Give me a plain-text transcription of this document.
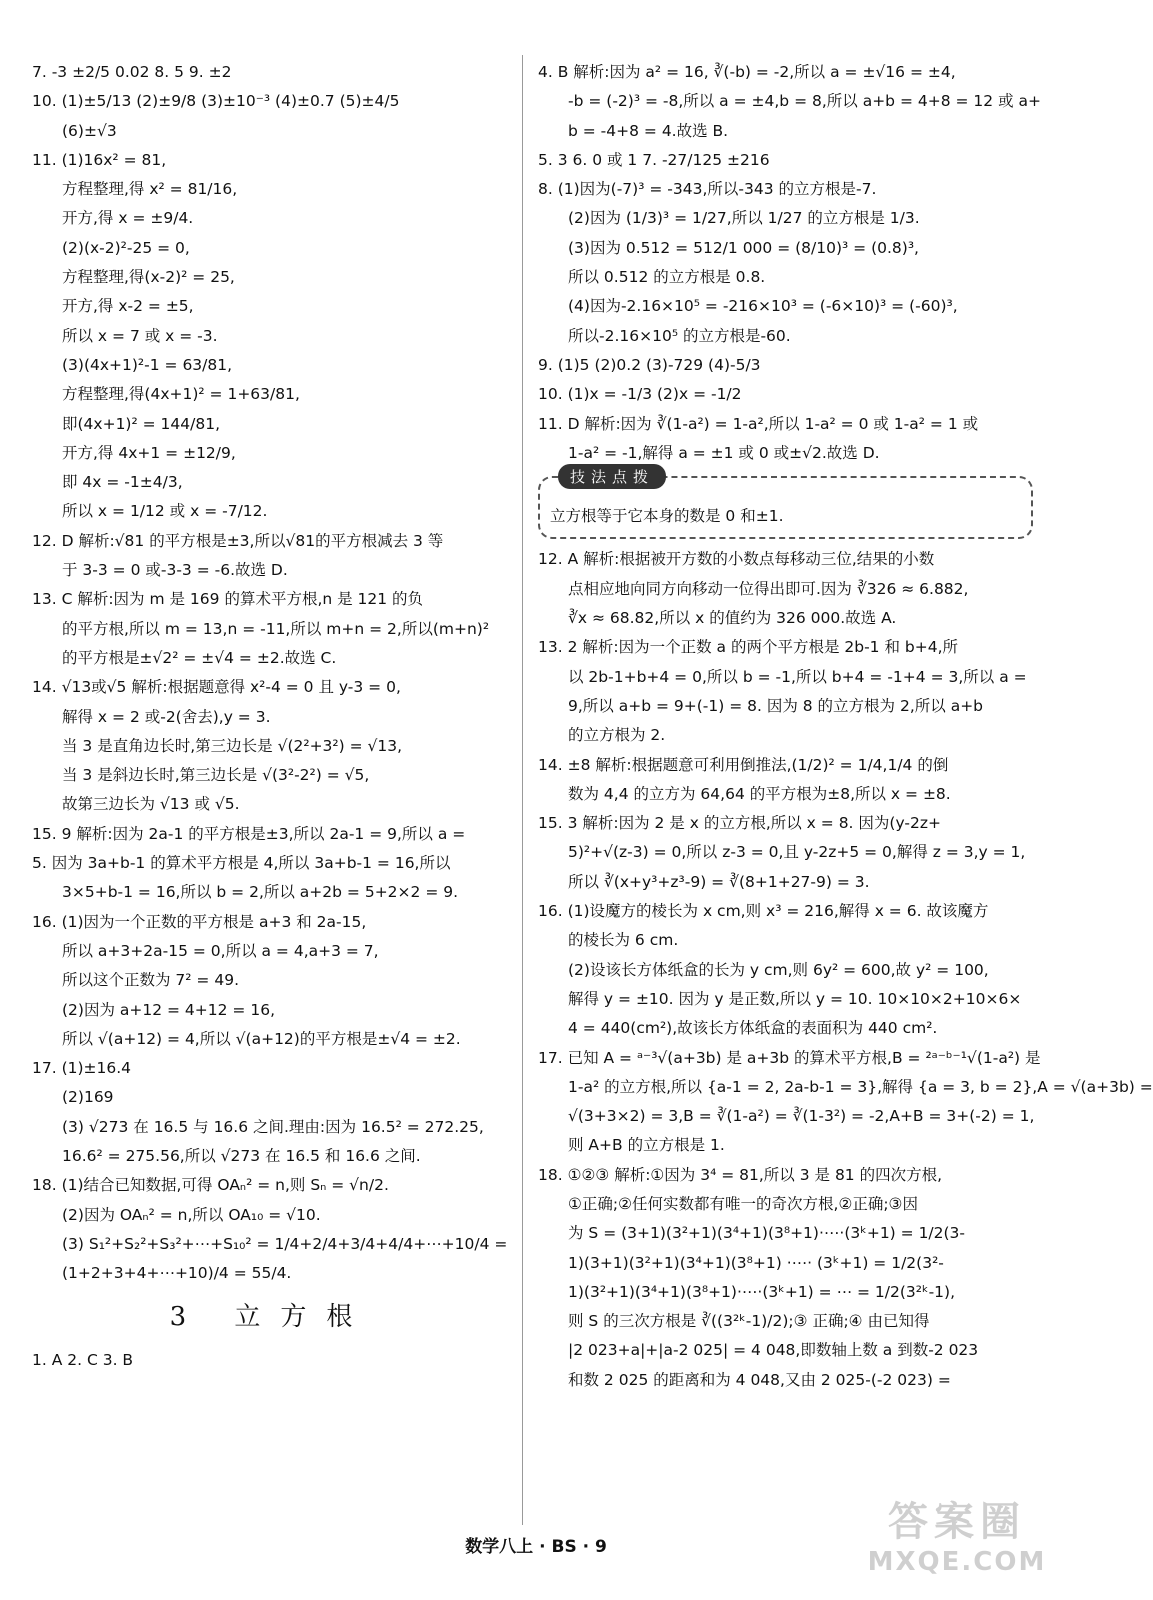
7. -3 ±2/5 0.02 8. 5 9. ±2
10. (1)±5/13 (2)±9/8 (3)±10⁻³ (4)±0.7 (5)±4/5
(6)±√3
11. (1)16x² = 81,
方程整理,得 x² = 81/16,
开方,得 x = ±9/4.
(2)(x-2)²-25 = 0,
方程整理,得(x-2)² = 25,
开方,得 x-2 = ±5,
所以 x = 7 或 x = -3.
(3)(4x+1)²-1 = 63/81,
方程整理,得(4x+1)² = 1+63/81,
即(4x+1)² = 144/81,
开方,得 4x+1 = ±12/9,
即 4x = -1±4/3,
所以 x = 1/12 或 x = -7/12.
12. D 解析:√81 的平方根是±3,所以√81的平方根减去 3 等
于 3-3 = 0 或-3-3 = -6.故选 D.
13. C 解析:因为 m 是 169 的算术平方根,n 是 121 的负
的平方根,所以 m = 13,n = -11,所以 m+n = 2,所以(m+n)²
的平方根是±√2² = ±√4 = ±2.故选 C.
14. √13或√5 解析:根据题意得 x²-4 = 0 且 y-3 = 0,
解得 x = 2 或-2(舍去),y = 3.
当 3 是直角边长时,第三边长是 √(2²+3²) = √13,
当 3 是斜边长时,第三边长是 √(3²-2²) = √5,
故第三边长为 √13 或 √5.
15. 9 解析:因为 2a-1 的平方根是±3,所以 2a-1 = 9,所以 a =
5. 因为 3a+b-1 的算术平方根是 4,所以 3a+b-1 = 16,所以
3×5+b-1 = 16,所以 b = 2,所以 a+2b = 5+2×2 = 9.
16. (1)因为一个正数的平方根是 a+3 和 2a-15,
所以 a+3+2a-15 = 0,所以 a = 4,a+3 = 7,
所以这个正数为 7² = 49.
(2)因为 a+12 = 4+12 = 16,
所以 √(a+12) = 4,所以 √(a+12)的平方根是±√4 = ±2.
17. (1)±16.4
(2)169
(3) √273 在 16.5 与 16.6 之间.理由:因为 16.5² = 272.25,
16.6² = 275.56,所以 √273 在 16.5 和 16.6 之间.
18. (1)结合已知数据,可得 OAₙ² = n,则 Sₙ = √n/2.
(2)因为 OAₙ² = n,所以 OA₁₀ = √10.
(3) S₁²+S₂²+S₃²+⋯+S₁₀² = 1/4+2/4+3/4+4/4+⋯+10/4 =
(1+2+3+4+⋯+10)/4 = 55/4.
3 立方根
1. A 2. C 3. B
4. B 解析:因为 a² = 16, ∛(-b) = -2,所以 a = ±√16 = ±4,
-b = (-2)³ = -8,所以 a = ±4,b = 8,所以 a+b = 4+8 = 12 或 a+
b = -4+8 = 4.故选 B.
5. 3 6. 0 或 1 7. -27/125 ±216
8. (1)因为(-7)³ = -343,所以-343 的立方根是-7.
(2)因为 (1/3)³ = 1/27,所以 1/27 的立方根是 1/3.
(3)因为 0.512 = 512/1 000 = (8/10)³ = (0.8)³,
所以 0.512 的立方根是 0.8.
(4)因为-2.16×10⁵ = -216×10³ = (-6×10)³ = (-60)³,
所以-2.16×10⁵ 的立方根是-60.
9. (1)5 (2)0.2 (3)-729 (4)-5/3
10. (1)x = -1/3 (2)x = -1/2
11. D 解析:因为 ∛(1-a²) = 1-a²,所以 1-a² = 0 或 1-a² = 1 或
1-a² = -1,解得 a = ±1 或 0 或±√2.故选 D.
技法点拨
立方根等于它本身的数是 0 和±1.
12. A 解析:根据被开方数的小数点每移动三位,结果的小数
点相应地向同方向移动一位得出即可.因为 ∛326 ≈ 6.882,
∛x ≈ 68.82,所以 x 的值约为 326 000.故选 A.
13. 2 解析:因为一个正数 a 的两个平方根是 2b-1 和 b+4,所
以 2b-1+b+4 = 0,所以 b = -1,所以 b+4 = -1+4 = 3,所以 a =
9,所以 a+b = 9+(-1) = 8. 因为 8 的立方根为 2,所以 a+b
的立方根为 2.
14. ±8 解析:根据题意可利用倒推法,(1/2)² = 1/4,1/4 的倒
数为 4,4 的立方为 64,64 的平方根为±8,所以 x = ±8.
15. 3 解析:因为 2 是 x 的立方根,所以 x = 8. 因为(y-2z+
5)²+√(z-3) = 0,所以 z-3 = 0,且 y-2z+5 = 0,解得 z = 3,y = 1,
所以 ∛(x+y³+z³-9) = ∛(8+1+27-9) = 3.
16. (1)设魔方的棱长为 x cm,则 x³ = 216,解得 x = 6. 故该魔方
的棱长为 6 cm.
(2)设该长方体纸盒的长为 y cm,则 6y² = 600,故 y² = 100,
解得 y = ±10. 因为 y 是正数,所以 y = 10. 10×10×2+10×6×
4 = 440(cm²),故该长方体纸盒的表面积为 440 cm².
17. 已知 A = ᵃ⁻³√(a+3b) 是 a+3b 的算术平方根,B = ²ᵃ⁻ᵇ⁻¹√(1-a²) 是
1-a² 的立方根,所以 {a-1 = 2, 2a-b-1 = 3},解得 {a = 3, b = 2},A = √(a+3b) =
√(3+3×2) = 3,B = ∛(1-a²) = ∛(1-3²) = -2,A+B = 3+(-2) = 1,
则 A+B 的立方根是 1.
18. ①②③ 解析:①因为 3⁴ = 81,所以 3 是 81 的四次方根,
①正确;②任何实数都有唯一的奇次方根,②正确;③因
为 S = (3+1)(3²+1)(3⁴+1)(3⁸+1)·⋯·(3ᵏ+1) = 1/2(3-
1)(3+1)(3²+1)(3⁴+1)(3⁸+1) ·⋯· (3ᵏ+1) = 1/2(3²-
1)(3²+1)(3⁴+1)(3⁸+1)·⋯·(3ᵏ+1) = ⋯ = 1/2(3²ᵏ-1),
则 S 的三次方根是 ∛((3²ᵏ-1)/2);③ 正确;④ 由已知得
|2 023+a|+|a-2 025| = 4 048,即数轴上数 a 到数-2 023
和数 2 025 的距离和为 4 048,又由 2 025-(-2 023) =
数学八上 · BS · 9
答案圈
MXQE.COM
